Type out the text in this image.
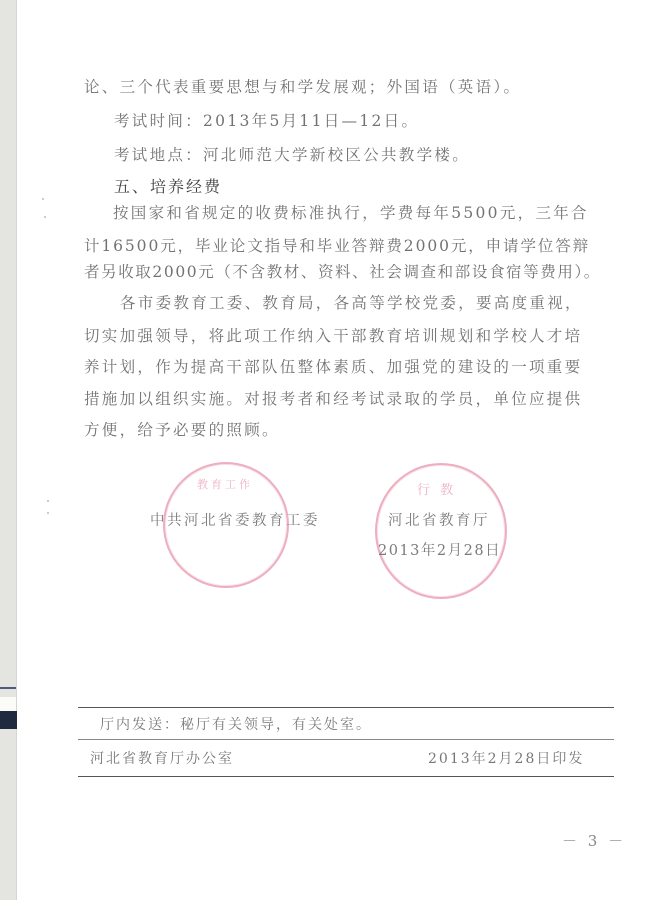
论、三个代表重要思想与和学发展观；外国语（英语）。
考试时间：2013年5月11日—12日。
考试地点：河北师范大学新校区公共教学楼。
五、培养经费
按国家和省规定的收费标准执行，学费每年5500元，三年合
计16500元，毕业论文指导和毕业答辩费2000元，申请学位答辩
者另收取2000元（不含教材、资料、社会调查和部设食宿等费用）。
各市委教育工委、教育局，各高等学校党委，要高度重视，
切实加强领导，将此项工作纳入干部教育培训规划和学校人才培
养计划，作为提高干部队伍整体素质、加强党的建设的一项重要
措施加以组织实施。对报考者和经考试录取的学员，单位应提供
方便，给予必要的照顾。
教育工作	行 教
中共河北省委教育工委	河北省教育厅
2013年2月28日
厅内发送：秘厅有关领导，有关处室。
河北省教育厅办公室	2013年2月28日印发
－ 3 －
